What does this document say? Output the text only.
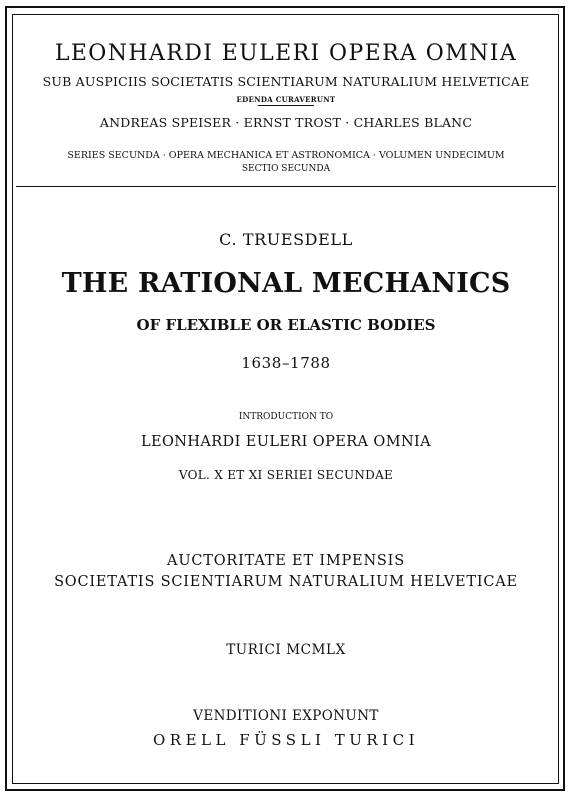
LEONHARDI EULERI OPERA OMNIA
SUB AUSPICIIS SOCIETATIS SCIENTIARUM NATURALIUM HELVETICAE
EDENDA CURAVERUNT
ANDREAS SPEISER · ERNST TROST · CHARLES BLANC
SERIES SECUNDA · OPERA MECHANICA ET ASTRONOMICA · VOLUMEN UNDECIMUM
SECTIO SECUNDA
C. TRUESDELL
THE RATIONAL MECHANICS
OF FLEXIBLE OR ELASTIC BODIES
1638–1788
INTRODUCTION TO
LEONHARDI EULERI OPERA OMNIA
VOL. X ET XI SERIEI SECUNDAE
AUCTORITATE ET IMPENSIS
SOCIETATIS SCIENTIARUM NATURALIUM HELVETICAE
TURICI MCMLX
VENDITIONI EXPONUNT
ORELL FÜSSLI TURICI
